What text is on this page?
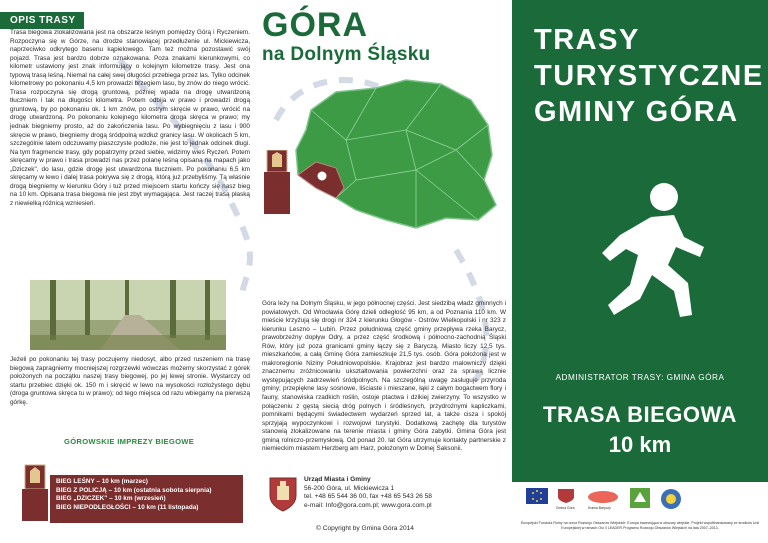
OPIS TRASY

Trasa biegowa zlokalizowana jest na obszarze leśnym pomiędzy Górą i Ryczeniem. Rozpoczyna się w Górze, na drodze stanowiącej przedłużenie ul. Mickiewicza, naprzeciwko odkrytego basenu kąpielowego. Tam też można pozostawić swój pojazd. Trasa jest bardzo dobrze oznakowana. Poza znakami kierunkowymi, co kilometr ustawiony jest znak informujący o kolejnym kilometrze trasy. Jest ona typową trasą leśną. Niemal na całej swej długości przebiega przez las. Tylko odcinek kilometrowy po pokonaniu 4,5 km prowadzi brzegiem lasu, by znów do niego wrócić. Trasa rozpoczyna się drogą gruntową, później wpada na drogę utwardzoną tłuczniem i tak na długości kilometra. Potem odbija w prawo i prowadzi drogą gruntową, by po pokonaniu ok. 1 km znów, po ostrym skręcie w prawo, wrócić na drogę utwardzoną. Po pokonaniu kolejnego kilometra droga skręca w prawo; my jednak biegniemy prosto, aż do zakończenia lasu. Po wybiegnięciu z lasu i 900 skręcie w prawo, biegniemy drogą śródpolną wzdłuż granicy lasu. W okolicach 5 km, szczególnie latem odczuwamy piaszczyste podłoże, nie jest to jednak odcinek długi. Na tym fragmencie trasy, gdy popatrzymy przed siebie, widzimy wieś Ryczeń. Potem skręcamy w prawo i trasa prowadzi nas przez polanę leśną opisaną na mapach jako „Dziczek", do lasu, gdzie drogę jest utwardzona tłuczniem. Po pokonaniu 6,5 km skręcamy w lewo i dalej trasa pokrywa się z drogą, którą już przebyliśmy. Tą właśnie drogą biegniemy w kierunku Góry i tuż przed miejscem startu kończy się nasz bieg na 10 km. Opisana trasa biegowa nie jest zbyt wymagająca. Jest raczej trasą płaską z niewielką różnicą wzniesień.

Jeżeli po pokonaniu tej trasy poczujemy niedosyt, albo przed ruszeniem na trasę biegową zapragniemy mocniejszej rozgrzewki wówczas możemy skorzystać z górek położonych na początku naszej trasy biegowej, po jej lewej stronie. Wystarczy od startu przebiec dzięki ok. 150 m i skręcić w lewo na wysokości rozłożystego dębu (droga gruntowa skręca tu w prawo); od tego miejsca od razu wbiegamy na pierwszą górkę.

GÓROWSKIE IMPREZY BIEGOWE
BIEG LEŚNY – 10 km (marzec)
BIEG Z POLICJĄ – 10 km (ostatnia sobota sierpnia)
BIEG „DZICZEK" – 10 km (wrzesień)
BIEG NIEPODLEGŁOŚCI – 10 km (11 listopada)
GÓRA
na Dolnym Śląsku

Góra leży na Dolnym Śląsku, w jego północnej części. Jest siedzibą władz gminnych i powiatowych. Od Wrocławia Górę dzieli odległość 95 km, a od Poznania 110 km. W mieście krzyżują się drogi nr 324 z kierunku Głogów - Ostrów Wielkopolski i nr 323 z kierunku Leszno – Lubin. Przez południową część gminy przepływa rzeka Barycz, prawobrzeżny dopływ Odry, a przez część środkową i północno-zachodnią Śląski Rów, który już poza granicami gminy łączy się z Baryczą. Miasto liczy 12,5 tys. mieszkańców, a całą Gminę Góra zamieszkuje 21,5 tys. osób. Góra położona jest w makroregionie Niziny Południowopolskie. Krajobraz jest bardzo malowniczy dzięki znacznemu zróżnicowaniu ukształtowania powierzchni oraz za sprawą licznie występujących zadrzewień śródpolnych. Na szczególną uwagę zasługuje przyroda gminy; przepiękne lasy sosnowe, liściaste i mieszane, łąki z całym bogactwem flory i fauny, stanowiska rzadkich roślin, ostoje ptactwa i dzikiej zwierzyny. To wszystko w połączeniu z gęstą siecią dróg polnych i śródleśnych, przydrożnymi kapliczkami, pomnikami będącymi świadectwem wydarzeń sprzed lat, a także cisza i spokój sprzyjają wypoczynkowi i rozwojowi turystyki. Dodatkową zachętę dla turystów stanowią zlokalizowane na terenie miasta i gminy Góra zabytki. Gmina Góra jest gminą rolniczo-przemysłową. Od ponad 20. lat Góra utrzymuje kontakty partnerskie z niemieckim miastem Herzberg am Harz, położonym w Dolnej Saksonii.

Urząd Miasta i Gminy
56-200 Góra, ul. Mickiewicza 1
tel. +48 65 544 36 00, fax +48 65 543 26 58
e-mail: Info@gora.com.pl; www.gora.com.pl
© Copyright by Gmina Góra 2014
TRASY
TURYSTYCZNE
GMINY GÓRA
ADMINISTRATOR TRASY: GMINA GÓRA
TRASA BIEGOWA
10 km
Gmina Góra	Kraina Baryczy
Europejski Fundusz Rolny na rzecz Rozwoju Obszarów Wiejskich: Europa inwestująca w obszary wiejskie. Projekt współfinansowany ze środków Unii Europejskiej w ramach Osi 4 LEADER Programu Rozwoju Obszarów Wiejskich na lata 2007–2013.
